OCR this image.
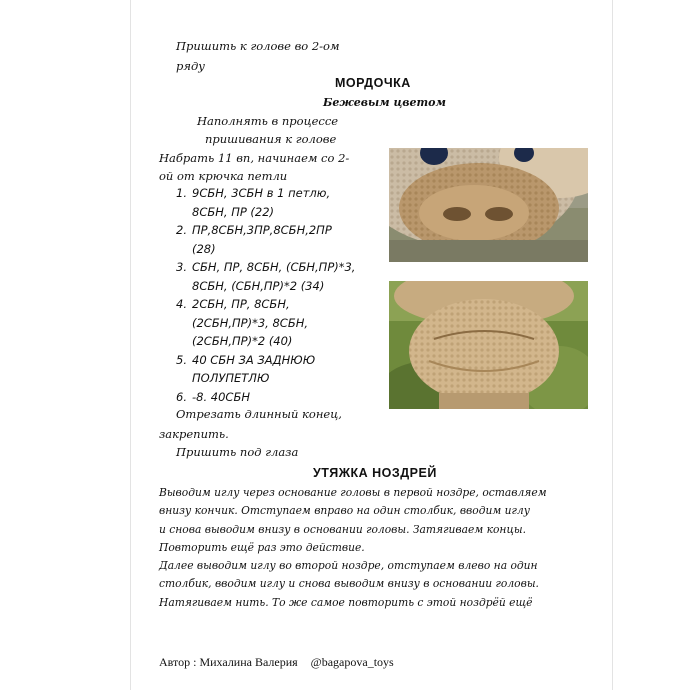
Пришить к голове во 2-ом
ряду
МОРДОЧКА
Бежевым цветом
Наполнять в процессе
пришивания к голове
Набрать 11 вп, начинаем со 2-
ой от крючка петли
1. 9СБН, 3СБН в 1 петлю,
8СБН, ПР (22)
2. ПР,8СБН,3ПР,8СБН,2ПР
(28)
3. СБН, ПР, 8СБН, (СБН,ПР)*3,
8СБН, (СБН,ПР)*2 (34)
4. 2СБН, ПР, 8СБН,
(2СБН,ПР)*3, 8СБН,
(2СБН,ПР)*2 (40)
5. 40 СБН ЗА ЗАДНЮЮ
ПОЛУПЕТЛЮ
6. -8. 40СБН
Отрезать длинный конец,
закрепить.
Пришить под глаза
УТЯЖКА НОЗДРЕЙ
Выводим иглу через основание головы в первой ноздре, оставляем
внизу кончик. Отступаем вправо на один столбик, вводим иглу
и снова выводим внизу в основании головы. Затягиваем концы.
Повторить ещё раз это действие.
Далее выводим иглу во второй ноздре, отступаем влево на один
столбик, вводим иглу и снова выводим внизу в основании головы.
Натягиваем нить. То же самое повторить с этой ноздрёй ещё
Автор : Михалина Валерия @bagapova_toys
